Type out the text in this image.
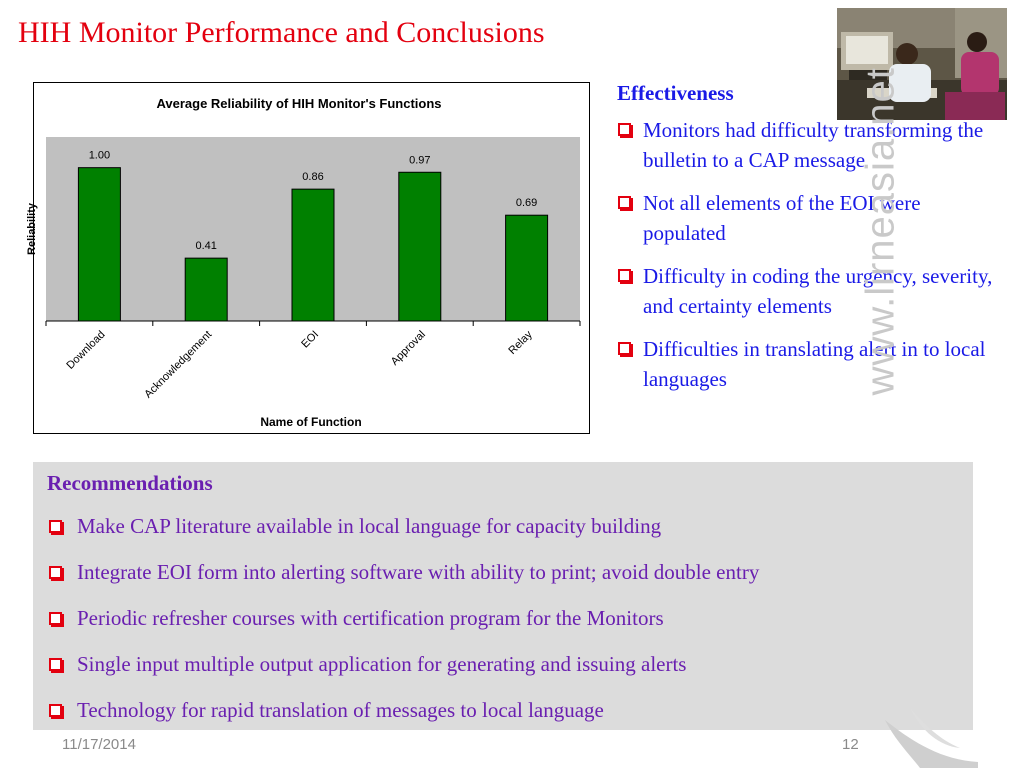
HIH Monitor Performance and Conclusions
Average Reliability of HIH Monitor's Functions
1.00
Download
0.41
Acknowledgement
0.86
EOI
0.97
Approval
0.69
Relay
Reliability
Name of Function
Effectiveness
Monitors had difficulty transforming the bulletin to a CAP message
Not all elements of the EOI were populated
Difficulty in coding the urgency, severity, and certainty elements
Difficulties in translating alert in to local languages
Recommendations
Make CAP literature available in local language for capacity building
Integrate EOI form into alerting software with ability to print; avoid double entry
Periodic refresher courses with certification program for the Monitors
Single input multiple output application for generating and issuing alerts
Technology for rapid translation of messages to local language
www.lirneasia.net
11/17/2014	12
